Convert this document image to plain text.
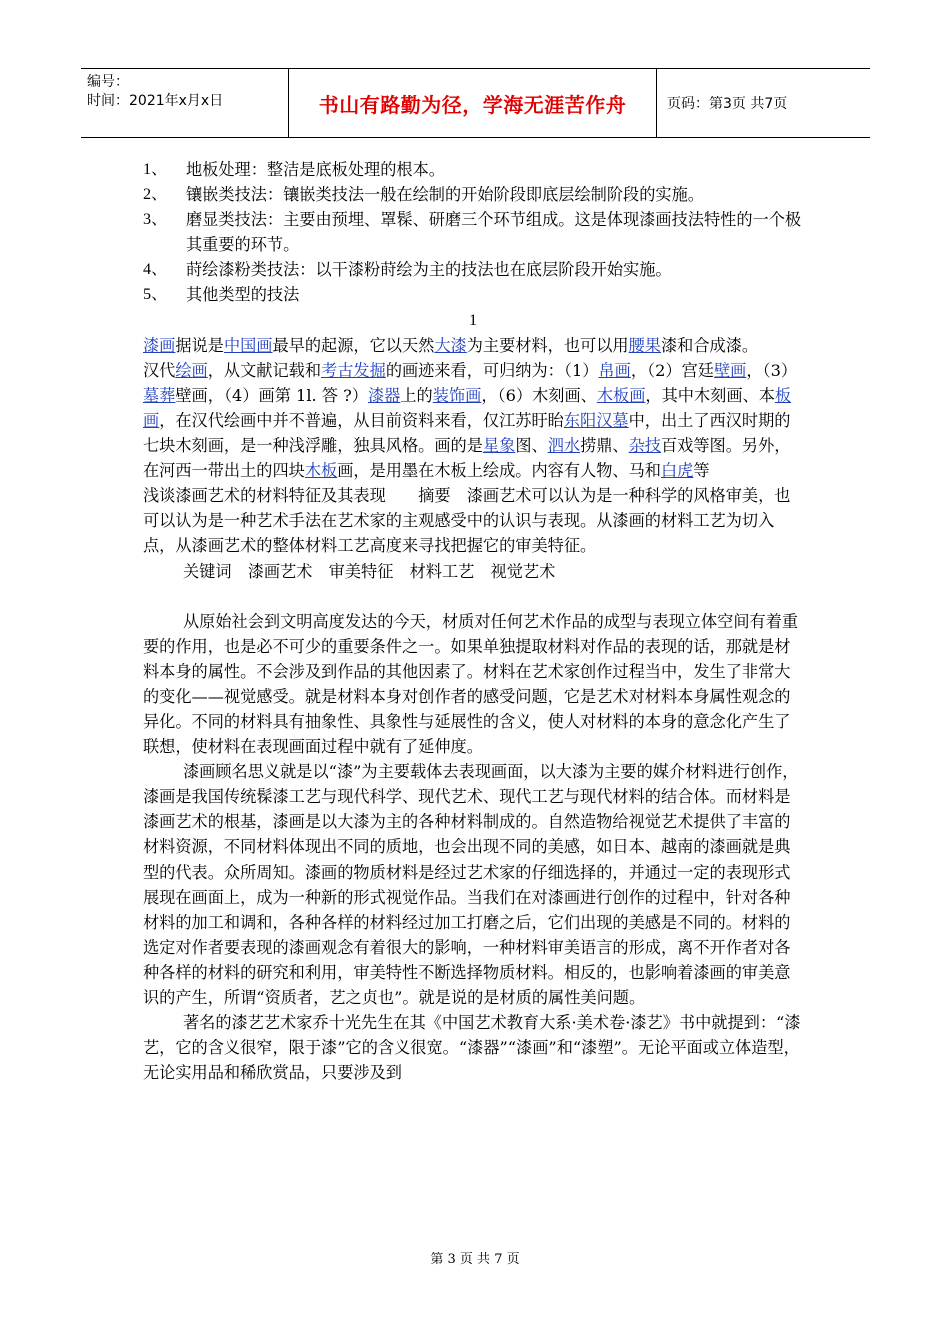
编号：
时间：2021年x月x日	书山有路勤为径，学海无涯苦作舟	页码：第3页 共7页
1、	地板处理：整洁是底板处理的根本。
2、	镶嵌类技法：镶嵌类技法一般在绘制的开始阶段即底层绘制阶段的实施。
3、	磨显类技法：主要由预埋、罩髹、研磨三个环节组成。这是体现漆画技法特性的一个极其重要的环节。
4、	莳绘漆粉类技法：以干漆粉莳绘为主的技法也在底层阶段开始实施。
5、	其他类型的技法

1

漆画据说是中国画最早的起源，它以天然大漆为主要材料，也可以用腰果漆和合成漆。

汉代绘画，从文献记载和考古发掘的画迹来看，可归纳为：（1）帛画，（2）宫廷壁画，（3）墓葬壁画，（4）画第 1l. 答 ?）漆器上的装饰画，（6）木刻画、木板画，其中木刻画、本板画，在汉代绘画中并不普遍，从目前资料来看，仅江苏盱眙东阳汉墓中，出土了西汉时期的七块木刻画，是一种浅浮雕，独具风格。画的是星象图、泗水捞鼎、杂技百戏等图。另外，在河西一带出土的四块木板画，是用墨在木板上绘成。内容有人物、马和白虎等

浅谈漆画艺术的材料特征及其表现　　摘要　漆画艺术可以认为是一种科学的风格审美，也可以认为是一种艺术手法在艺术家的主观感受中的认识与表现。从漆画的材料工艺为切入点，从漆画艺术的整体材料工艺高度来寻找把握它的审美特征。

关键词　漆画艺术　审美特征　材料工艺　视觉艺术

从原始社会到文明高度发达的今天，材质对任何艺术作品的成型与表现立体空间有着重要的作用，也是必不可少的重要条件之一。如果单独提取材料对作品的表现的话，那就是材料本身的属性。不会涉及到作品的其他因素了。材料在艺术家创作过程当中，发生了非常大的变化——视觉感受。就是材料本身对创作者的感受问题，它是艺术对材料本身属性观念的异化。不同的材料具有抽象性、具象性与延展性的含义，使人对材料的本身的意念化产生了联想，使材料在表现画面过程中就有了延伸度。

漆画顾名思义就是以“漆”为主要载体去表现画面，以大漆为主要的媒介材料进行创作，漆画是我国传统髹漆工艺与现代科学、现代艺术、现代工艺与现代材料的结合体。而材料是漆画艺术的根基，漆画是以大漆为主的各种材料制成的。自然造物给视觉艺术提供了丰富的材料资源，不同材料体现出不同的质地，也会出现不同的美感，如日本、越南的漆画就是典型的代表。众所周知。漆画的物质材料是经过艺术家的仔细选择的，并通过一定的表现形式展现在画面上，成为一种新的形式视觉作品。当我们在对漆画进行创作的过程中，针对各种材料的加工和调和，各种各样的材料经过加工打磨之后，它们出现的美感是不同的。材料的选定对作者要表现的漆画观念有着很大的影响，一种材料审美语言的形成，离不开作者对各种各样的材料的研究和利用，审美特性不断选择物质材料。相反的，也影响着漆画的审美意识的产生，所谓“资质者，艺之贞也”。就是说的是材质的属性美问题。

著名的漆艺艺术家乔十光先生在其《中国艺术教育大系·美术卷·漆艺》书中就提到：“漆艺，它的含义很窄，限于漆”它的含义很宽。“漆器”“漆画”和“漆塑”。无论平面或立体造型，无论实用品和稀欣赏品，只要涉及到

第 3 页 共 7 页
